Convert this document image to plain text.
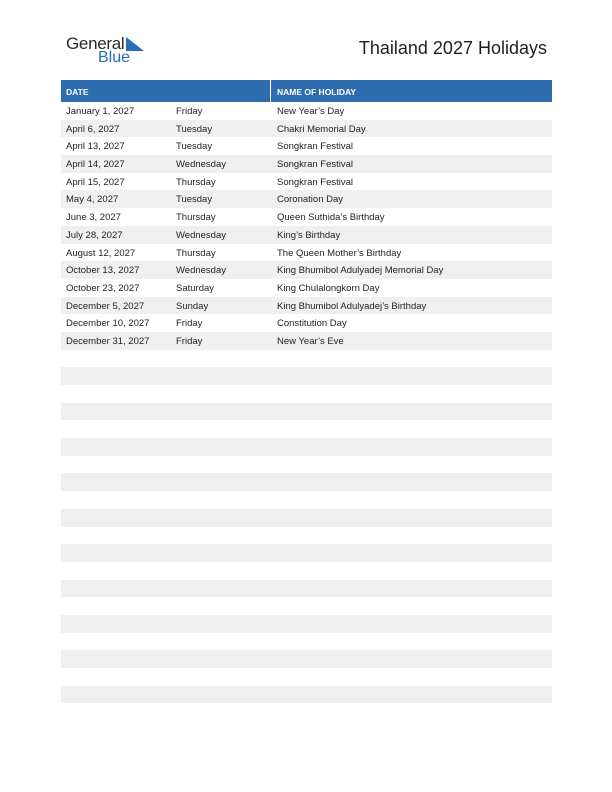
General
Blue	Thailand 2027 Holidays
DATE	NAME OF HOLIDAY
January 1, 2027	Friday	New Year’s Day
April 6, 2027	Tuesday	Chakri Memorial Day
April 13, 2027	Tuesday	Songkran Festival
April 14, 2027	Wednesday	Songkran Festival
April 15, 2027	Thursday	Songkran Festival
May 4, 2027	Tuesday	Coronation Day
June 3, 2027	Thursday	Queen Suthida’s Birthday
July 28, 2027	Wednesday	King’s Birthday
August 12, 2027	Thursday	The Queen Mother’s Birthday
October 13, 2027	Wednesday	King Bhumibol Adulyadej Memorial Day
October 23, 2027	Saturday	King Chulalongkorn Day
December 5, 2027	Sunday	King Bhumibol Adulyadej’s Birthday
December 10, 2027	Friday	Constitution Day
December 31, 2027	Friday	New Year’s Eve
